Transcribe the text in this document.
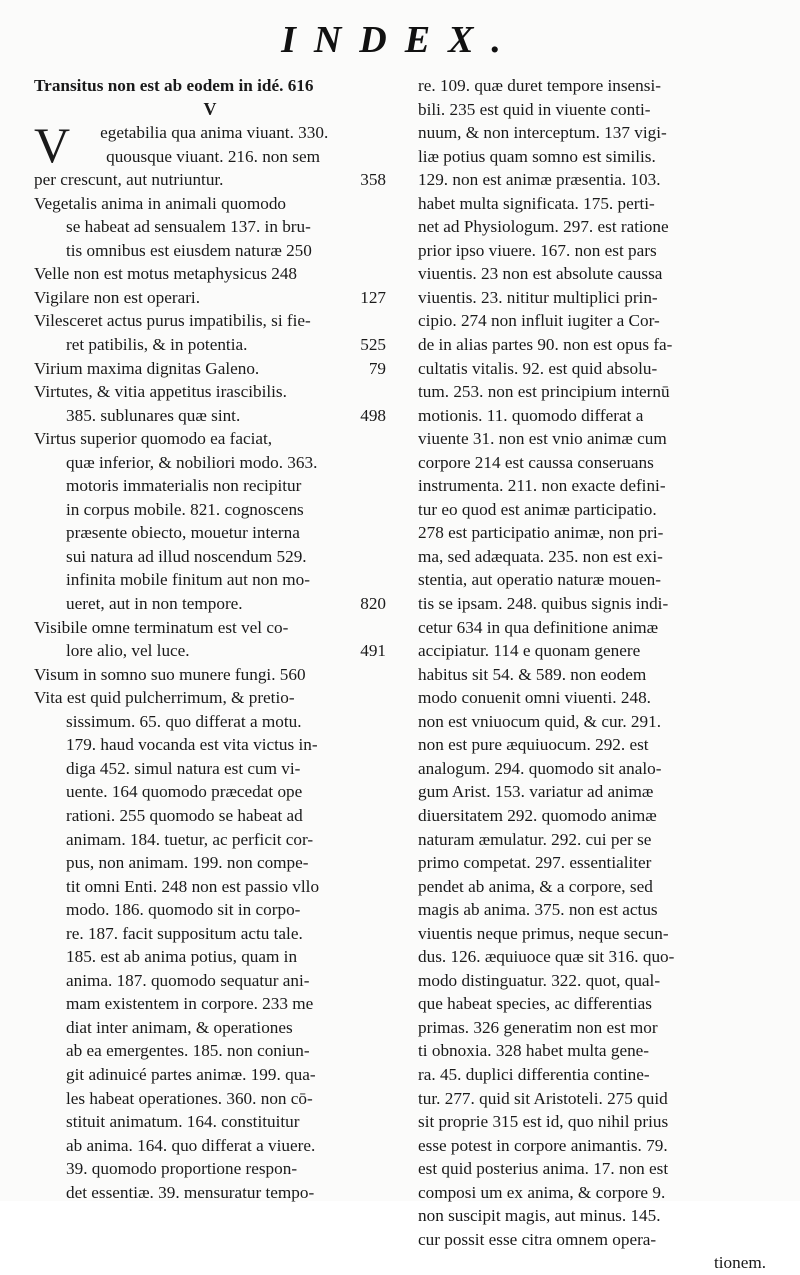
INDEX.
Transitus non est ab eodem in idé. 616
V
V	egetabilia qua anima viuant. 330.
quousque viuant. 216. non sem
358
per crescunt, aut nutriuntur.
Vegetalis anima in animali quomodo
se habeat ad sensualem 137. in bru-
tis omnibus est eiusdem naturæ 250
Velle non est motus metaphysicus 248
127
Vigilare non est operari.
Vilesceret actus purus impatibilis, si fie-
525
ret patibilis, & in potentia.
79
Virium maxima dignitas Galeno.
Virtutes, & vitia appetitus irascibilis.
498
385. sublunares quæ sint.
Virtus superior quomodo ea faciat,
quæ inferior, & nobiliori modo. 363.
motoris immaterialis non recipitur
in corpus mobile. 821. cognoscens
præsente obiecto, mouetur interna
sui natura ad illud noscendum 529.
infinita mobile finitum aut non mo-
820
ueret, aut in non tempore.
Visibile omne terminatum est vel co-
491
lore alio, vel luce.
Visum in somno suo munere fungi. 560
Vita est quid pulcherrimum, & pretio-
sissimum. 65. quo differat a motu.
179. haud vocanda est vita victus in-
diga 452. simul natura est cum vi-
uente. 164 quomodo præcedat ope
rationi. 255 quomodo se habeat ad
animam. 184. tuetur, ac perficit cor-
pus, non animam. 199. non compe-
tit omni Enti. 248 non est passio vllo
modo. 186. quomodo sit in corpo-
re. 187. facit suppositum actu tale.
185. est ab anima potius, quam in
anima. 187. quomodo sequatur ani-
mam existentem in corpore. 233 me
diat inter animam, & operationes
ab ea emergentes. 185. non coniun-
git adinuicé partes animæ. 199. qua-
les habeat operationes. 360. non cō-
stituit animatum. 164. constituitur
ab anima. 164. quo differat a viuere.
39. quomodo proportione respon-
det essentiæ. 39. mensuratur tempo-
re. 109. quæ duret tempore insensi-
bili. 235 est quid in viuente conti-
nuum, & non interceptum. 137 vigi-
liæ potius quam somno est similis.
129. non est animæ præsentia. 103.
habet multa significata. 175. perti-
net ad Physiologum. 297. est ratione
prior ipso viuere. 167. non est pars
viuentis. 23 non est absolute caussa
viuentis. 23. nititur multiplici prin-
cipio. 274 non influit iugiter a Cor-
de in alias partes 90. non est opus fa-
cultatis vitalis. 92. est quid absolu-
tum. 253. non est principium internū
motionis. 11. quomodo differat a
viuente 31. non est vnio animæ cum
corpore 214 est caussa conseruans
instrumenta. 211. non exacte defini-
tur eo quod est animæ participatio.
278 est participatio animæ, non pri-
ma, sed adæquata. 235. non est exi-
stentia, aut operatio naturæ mouen-
tis se ipsam. 248. quibus signis indi-
cetur 634 in qua definitione animæ
accipiatur. 114 e quonam genere
habitus sit 54. & 589. non eodem
modo conuenit omni viuenti. 248.
non est vniuocum quid, & cur. 291.
non est pure æquiuocum. 292. est
analogum. 294. quomodo sit analo-
gum Arist. 153. variatur ad animæ
diuersitatem 292. quomodo animæ
naturam æmulatur. 292. cui per se
primo competat. 297. essentialiter
pendet ab anima, & a corpore, sed
magis ab anima. 375. non est actus
viuentis neque primus, neque secun-
dus. 126. æquiuoce quæ sit 316. quo-
modo distinguatur. 322. quot, qual-
que habeat species, ac differentias
primas. 326 generatim non est mor
ti obnoxia. 328 habet multa gene-
ra. 45. duplici differentia contine-
tur. 277. quid sit Aristoteli. 275 quid
sit proprie 315 est id, quo nihil prius
esse potest in corpore animantis. 79.
est quid posterius anima. 17. non est
composi um ex anima, & corpore 9.
non suscipit magis, aut minus. 145.
cur possit esse citra omnem opera-
tionem.
